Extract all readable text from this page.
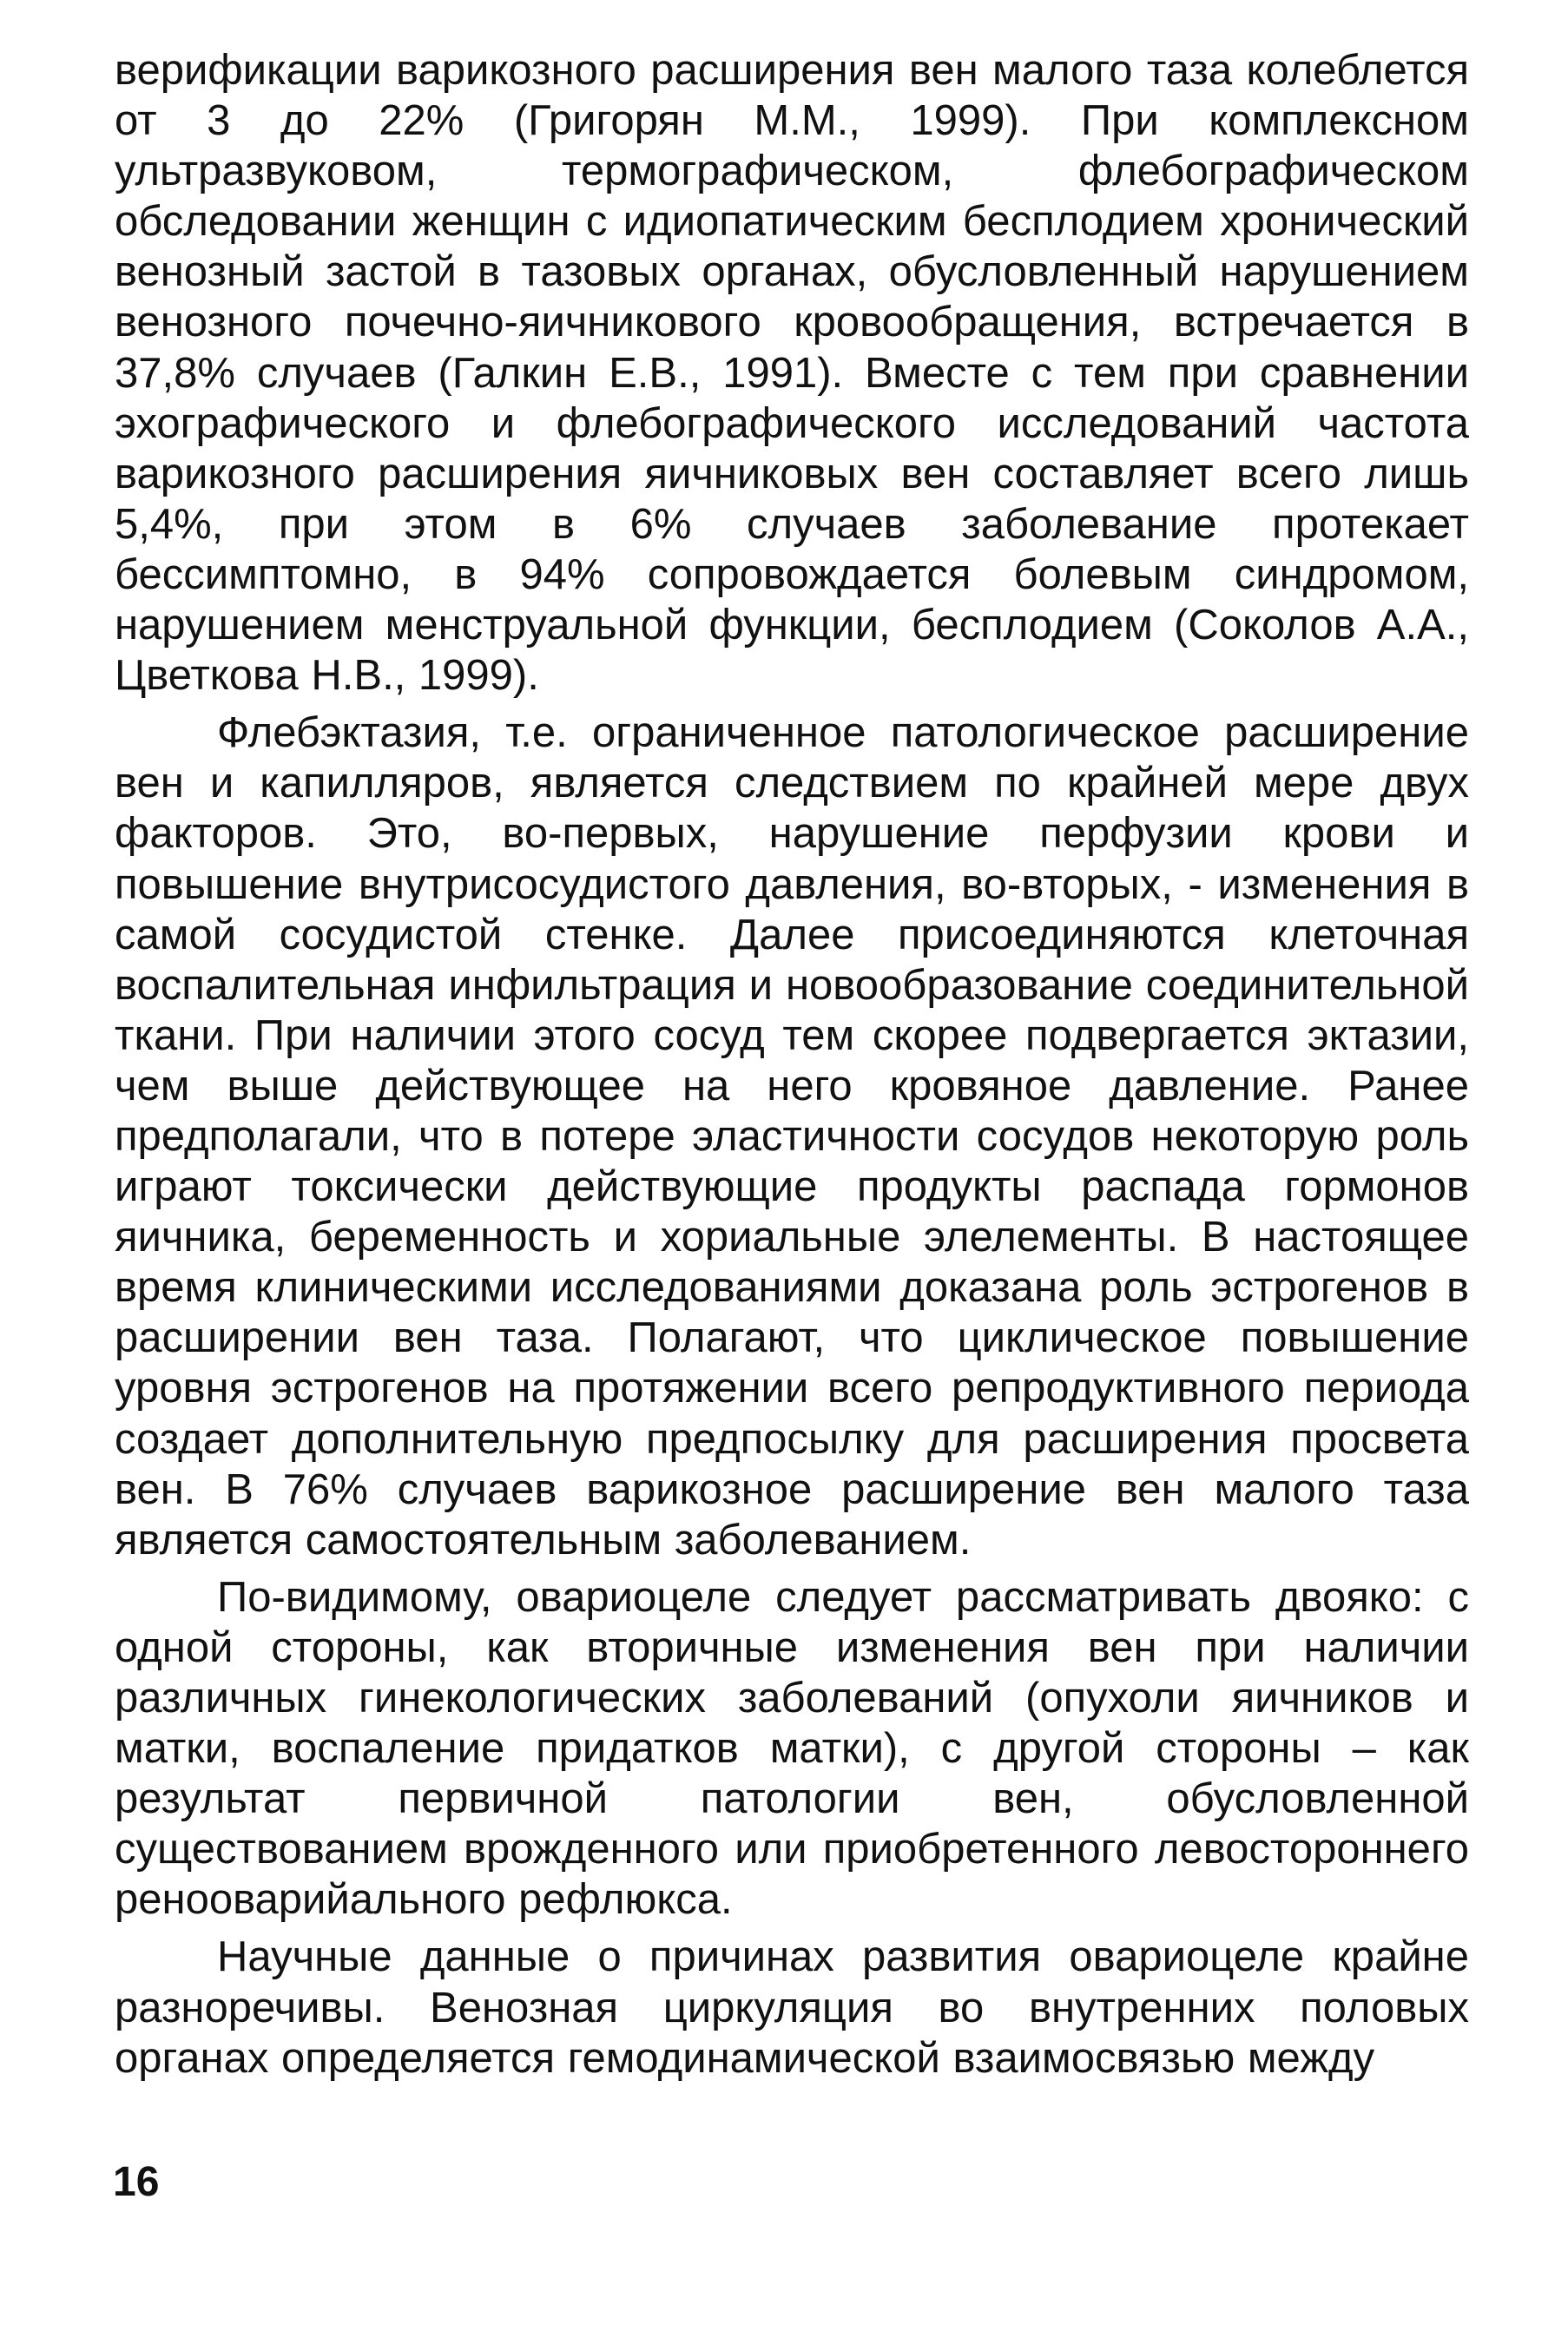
верификации варикозного расширения вен малого таза колеблется от 3 до 22% (Григорян М.М., 1999). При комплексном ультразвуковом, термографическом, флебографическом обследовании женщин с идиопатическим бесплодием хронический венозный застой в тазовых органах, обусловленный нарушением венозного почечно-яичникового кровообращения, встречается в 37,8% случаев (Галкин Е.В., 1991). Вместе с тем при сравнении эхографического и флебографического исследований частота варикозного расширения яичниковых вен составляет всего лишь 5,4%, при этом в 6% случаев заболевание протекает бессимптомно, в 94% сопровождается болевым синдромом, нарушением менструальной функции, бесплодием (Соколов А.А., Цветкова Н.В., 1999).

Флебэктазия, т.е. ограниченное патологическое расширение вен и капилляров, является следствием по крайней мере двух факторов. Это, во-первых, нарушение перфузии крови и повышение внутрисосудистого давления, во-вторых, - изменения в самой сосудистой стенке. Далее присоединяются клеточная воспалительная инфильтрация и новообразование соединительной ткани. При наличии этого сосуд тем скорее подвергается эктазии, чем выше действующее на него кровяное давление. Ранее предполагали, что в потере эластичности сосудов некоторую роль играют токсически действующие продукты распада гормонов яичника, беременность и хориальные элелементы. В настоящее время клиническими исследованиями доказана роль эстрогенов в расширении вен таза. Полагают, что циклическое повышение уровня эстрогенов на протяжении всего репродуктивного периода создает дополнительную предпосылку для расширения просвета вен. В 76% случаев варикозное расширение вен малого таза является самостоятельным заболеванием.

По-видимому, овариоцеле следует рассматривать двояко: с одной стороны, как вторичные изменения вен при наличии различных гинекологических заболеваний (опухоли яичников и матки, воспаление придатков матки), с другой стороны – как результат первичной патологии вен, обусловленной существованием врожденного или приобретенного левостороннего ренооварийального рефлюкса.

Научные данные о причинах развития овариоцеле крайне разноречивы. Венозная циркуляция во внутренних половых органах определяется гемодинамической взаимосвязью между

16
